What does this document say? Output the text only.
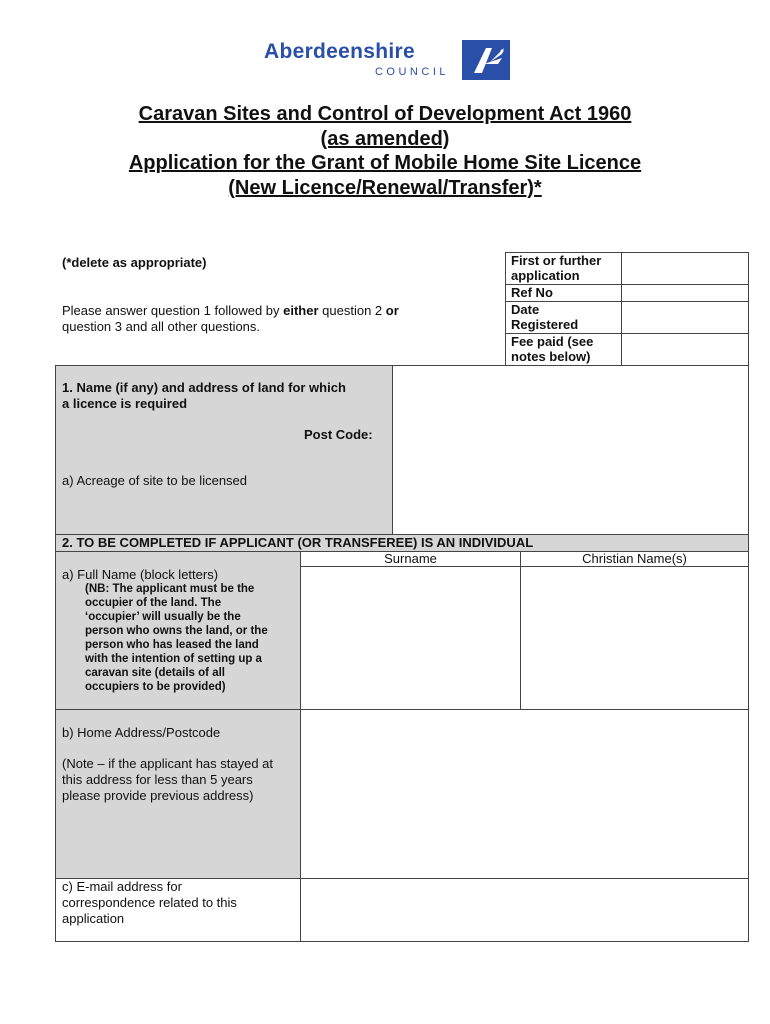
Aberdeenshire
COUNCIL
Caravan Sites and Control of Development Act 1960
(as amended)
Application for the Grant of Mobile Home Site Licence
(New Licence/Renewal/Transfer)*
(*delete as appropriate)
Please answer question 1 followed by either question 2 or
question 3 and all other questions.
First or further
application
Ref No
Date
Registered
Fee paid (see
notes below)
1. Name (if any) and address of land for which
a licence is required
Post Code:
a) Acreage of site to be licensed
2. TO BE COMPLETED IF APPLICANT (OR TRANSFEREE) IS AN INDIVIDUAL
Surname	Christian Name(s)
a) Full Name (block letters)
(NB: The applicant must be the
occupier of the land. The
‘occupier’ will usually be the
person who owns the land, or the
person who has leased the land
with the intention of setting up a
caravan site (details of all
occupiers to be provided)
b) Home Address/Postcode
(Note – if the applicant has stayed at
this address for less than 5 years
please provide previous address)
c) E-mail address for
correspondence related to this
application
